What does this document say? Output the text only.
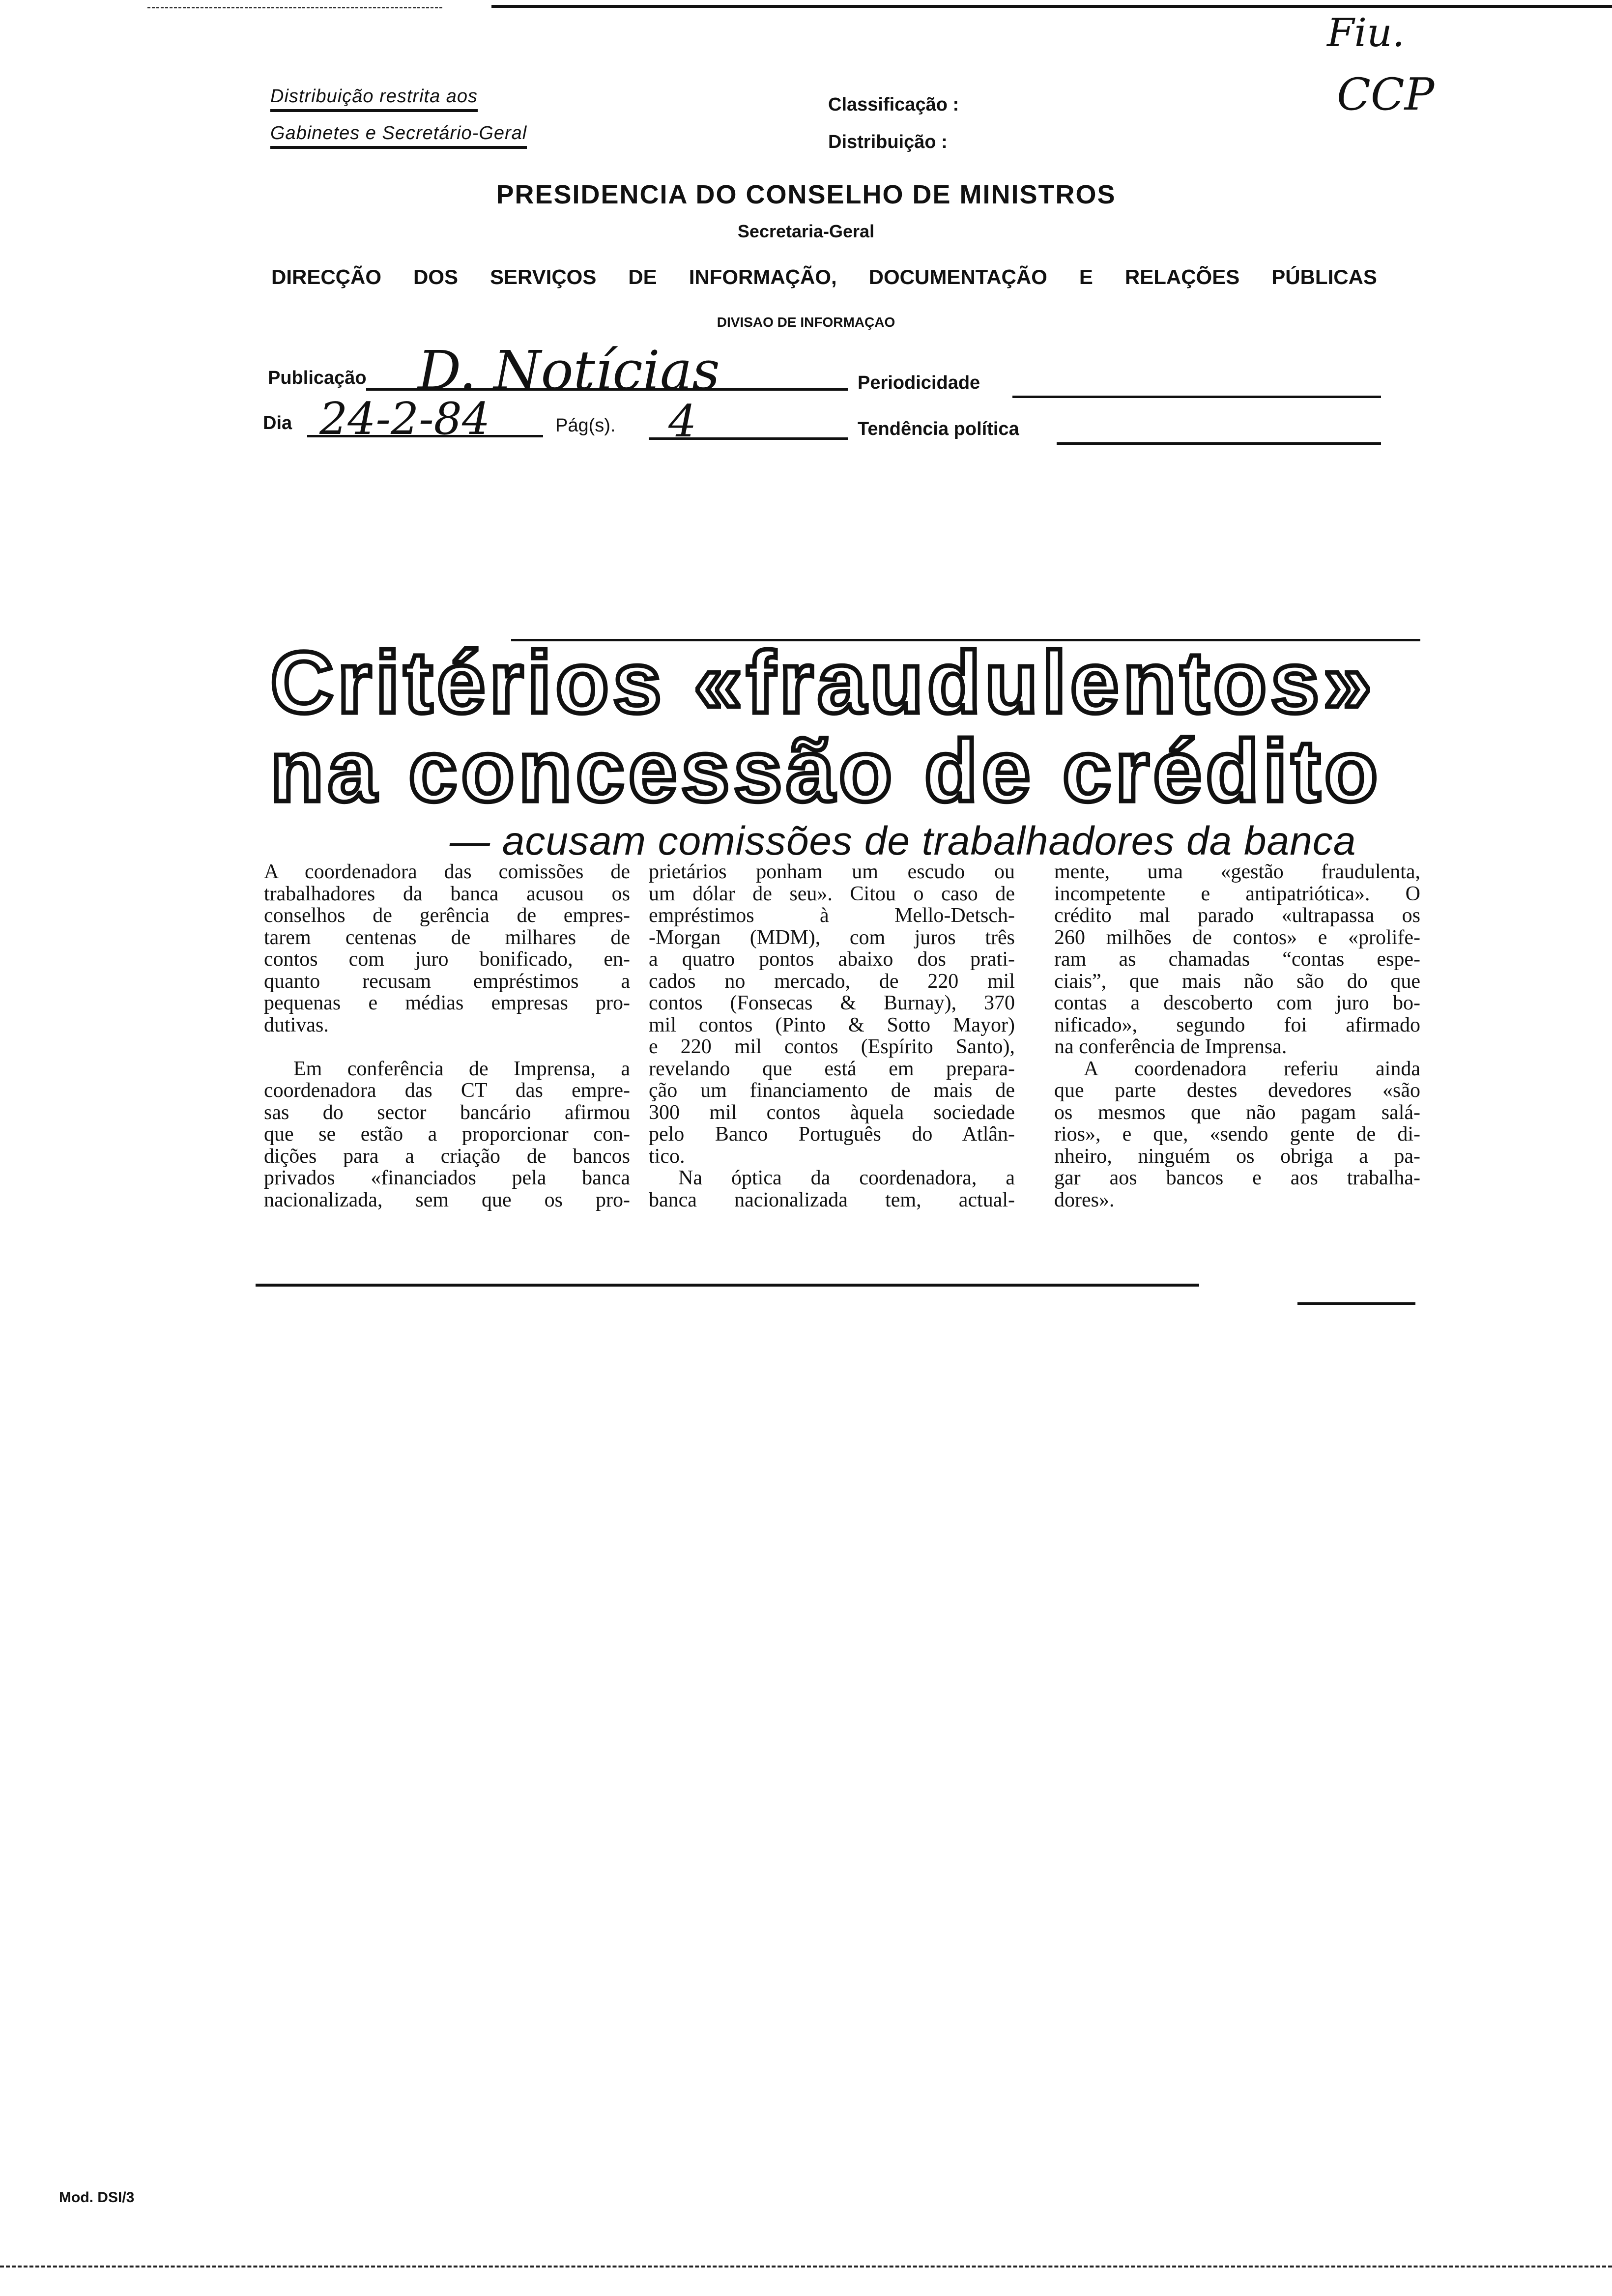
Fiu.
CCP
Distribuição restrita aos
Gabinetes e Secretário-Geral
Classificação :
Distribuição :
PRESIDENCIA DO CONSELHO DE MINISTROS
Secretaria-Geral
DIRECÇÃO DOS SERVIÇOS DE INFORMAÇÃO, DOCUMENTAÇÃO E RELAÇÕES PÚBLICAS
DIVISAO DE INFORMAÇAO
Publicação D. Notícias	Periodicidade
Dia 24-2-84	Pág(s). 4	Tendência política
Critérios «fraudulentos»
na concessão de crédito
— acusam comissões de trabalhadores da banca
A coordenadora das comissões de
trabalhadores da banca acusou os
conselhos de gerência de empres-
tarem centenas de milhares de
contos com juro bonificado, en-
quanto recusam empréstimos a
pequenas e médias empresas pro-
dutivas.
Em conferência de Imprensa, a
coordenadora das CT das empre-
sas do sector bancário afirmou
que se estão a proporcionar con-
dições para a criação de bancos
privados «financiados pela banca
nacionalizada, sem que os pro-
prietários ponham um escudo ou
um dólar de seu». Citou o caso de
empréstimos à Mello-Detsch-
-Morgan (MDM), com juros três
a quatro pontos abaixo dos prati-
cados no mercado, de 220 mil
contos (Fonsecas & Burnay), 370
mil contos (Pinto & Sotto Mayor)
e 220 mil contos (Espírito Santo),
revelando que está em prepara-
ção um financiamento de mais de
300 mil contos àquela sociedade
pelo Banco Português do Atlân-
tico.
Na óptica da coordenadora, a
banca nacionalizada tem, actual-
mente, uma «gestão fraudulenta,
incompetente e antipatriótica». O
crédito mal parado «ultrapassa os
260 milhões de contos» e «prolife-
ram as chamadas “contas espe-
ciais”, que mais não são do que
contas a descoberto com juro bo-
nificado», segundo foi afirmado
na conferência de Imprensa.
A coordenadora referiu ainda
que parte destes devedores «são
os mesmos que não pagam salá-
rios», e que, «sendo gente de di-
nheiro, ninguém os obriga a pa-
gar aos bancos e aos trabalha-
dores».
Mod. DSI/3
